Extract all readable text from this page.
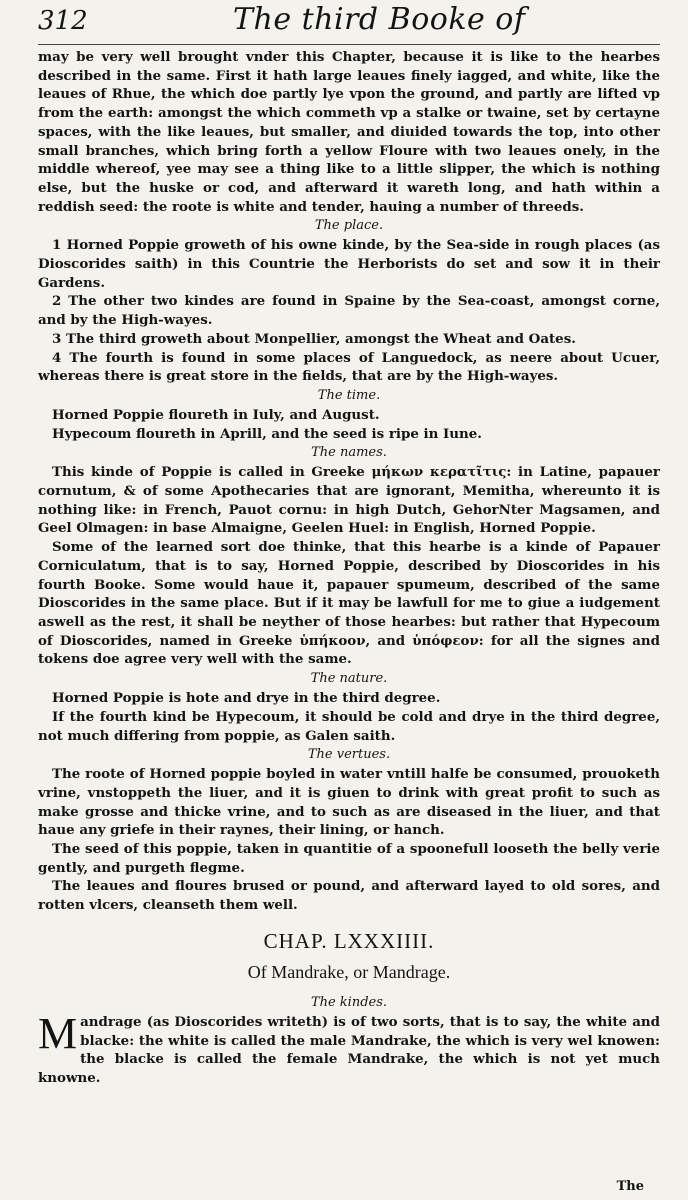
312	The third Booke of

may be very well brought vnder this Chapter, because it is like to the hearbes described in the same. First it hath large leaues finely iagged, and white, like the leaues of Rhue, the which doe partly lye vpon the ground, and partly are lifted vp from the earth: amongst the which commeth vp a stalke or twaine, set by certayne spaces, with the like leaues, but smaller, and diuided towards the top, into other small branches, which bring forth a yellow Floure with two leaues onely, in the middle whereof, yee may see a thing like to a little slipper, the which is nothing else, but the huske or cod, and afterward it wareth long, and hath within a reddish seed: the roote is white and tender, hauing a number of threeds.

The place.

1 Horned Poppie groweth of his owne kinde, by the Sea-side in rough places (as Dioscorides saith) in this Countrie the Herborists do set and sow it in their Gardens.

2 The other two kindes are found in Spaine by the Sea-coast, amongst corne, and by the High-wayes.

3 The third groweth about Monpellier, amongst the Wheat and Oates.

4 The fourth is found in some places of Languedock, as neere about Ucuer, whereas there is great store in the fields, that are by the High-wayes.

The time.

Horned Poppie floureth in Iuly, and August.

Hypecoum floureth in Aprill, and the seed is ripe in Iune.

The names.

This kinde of Poppie is called in Greeke μήκων κερατῖτις: in Latine, papauer cornutum, & of some Apothecaries that are ignorant, Memitha, whereunto it is nothing like: in French, Pauot cornu: in high Dutch, GehorNter Magsamen, and Geel Olmagen: in base Almaigne, Geelen Huel: in English, Horned Poppie.

Some of the learned sort doe thinke, that this hearbe is a kinde of Papauer Corniculatum, that is to say, Horned Poppie, described by Dioscorides in his fourth Booke. Some would haue it, papauer spumeum, described of the same Dioscorides in the same place. But if it may be lawfull for me to giue a iudgement aswell as the rest, it shall be neyther of those hearbes: but rather that Hypecoum of Dioscorides, named in Greeke ὑπήκοον, and ὑπόφεον: for all the signes and tokens doe agree very well with the same.

The nature.

Horned Poppie is hote and drye in the third degree.

If the fourth kind be Hypecoum, it should be cold and drye in the third degree, not much differing from poppie, as Galen saith.

The vertues.

The roote of Horned poppie boyled in water vntill halfe be consumed, prouoketh vrine, vnstoppeth the liuer, and it is giuen to drink with great profit to such as make grosse and thicke vrine, and to such as are diseased in the liuer, and that haue any griefe in their raynes, their lining, or hanch.

The seed of this poppie, taken in quantitie of a spoonefull looseth the belly verie gently, and purgeth flegme.

The leaues and floures brused or pound, and afterward layed to old sores, and rotten vlcers, cleanseth them well.

CHAP. LXXXIIII.

Of Mandrake, or Mandrage.

The kindes.

Mandrage (as Dioscorides writeth) is of two sorts, that is to say, the white and blacke: the white is called the male Mandrake, the which is very wel knowen: the blacke is called the female Mandrake, the which is not yet much knowne.

The
